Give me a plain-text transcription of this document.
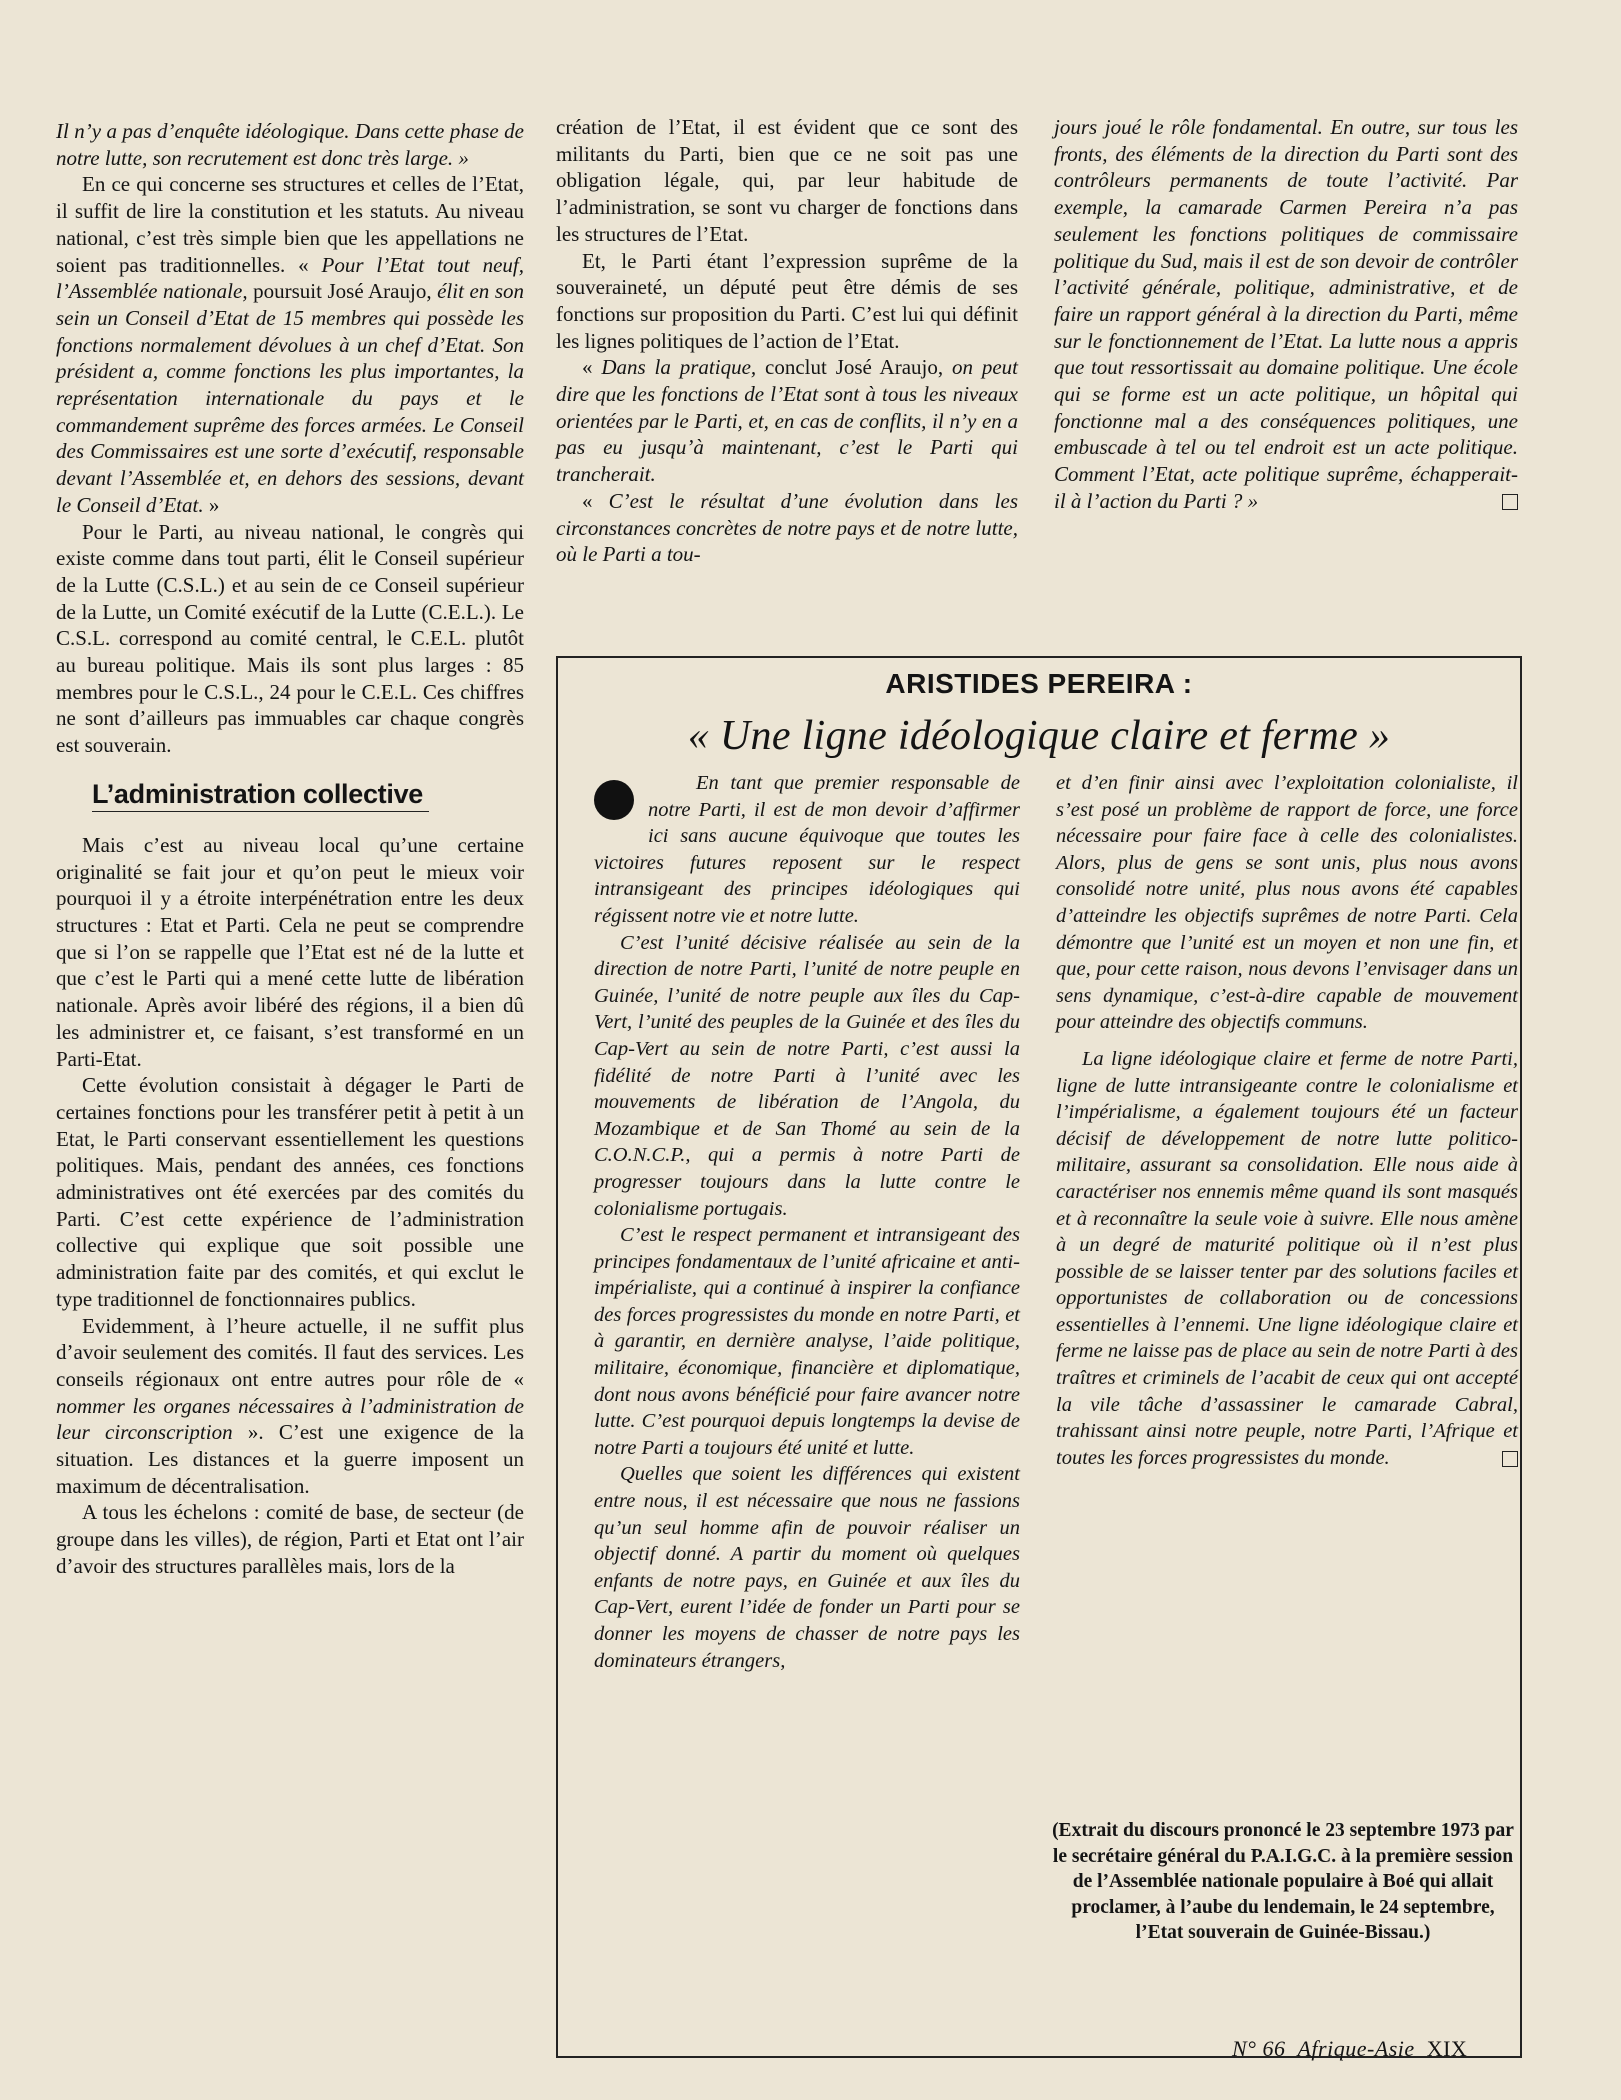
Il n’y a pas d’enquête idéologique. Dans cette phase de notre lutte, son recrutement est donc très large. »

En ce qui concerne ses structures et celles de l’Etat, il suffit de lire la constitution et les statuts. Au niveau national, c’est très simple bien que les appellations ne soient pas traditionnelles. « Pour l’Etat tout neuf, l’Assemblée nationale, poursuit José Araujo, élit en son sein un Conseil d’Etat de 15 membres qui possède les fonctions normalement dévolues à un chef d’Etat. Son président a, comme fonctions les plus importantes, la représentation internationale du pays et le commandement suprême des forces armées. Le Conseil des Commissaires est une sorte d’exécutif, responsable devant l’Assemblée et, en dehors des sessions, devant le Conseil d’Etat. »

Pour le Parti, au niveau national, le congrès qui existe comme dans tout parti, élit le Conseil supérieur de la Lutte (C.S.L.) et au sein de ce Conseil supérieur de la Lutte, un Comité exécutif de la Lutte (C.E.L.). Le C.S.L. correspond au comité central, le C.E.L. plutôt au bureau politique. Mais ils sont plus larges : 85 membres pour le C.S.L., 24 pour le C.E.L. Ces chiffres ne sont d’ailleurs pas immuables car chaque congrès est souverain.

L’administration collective

Mais c’est au niveau local qu’une certaine originalité se fait jour et qu’on peut le mieux voir pourquoi il y a étroite interpénétration entre les deux structures : Etat et Parti. Cela ne peut se comprendre que si l’on se rappelle que l’Etat est né de la lutte et que c’est le Parti qui a mené cette lutte de libération nationale. Après avoir libéré des régions, il a bien dû les administrer et, ce faisant, s’est transformé en un Parti-Etat.

Cette évolution consistait à dégager le Parti de certaines fonctions pour les transférer petit à petit à un Etat, le Parti conservant essentiellement les questions politiques. Mais, pendant des années, ces fonctions administratives ont été exercées par des comités du Parti. C’est cette expérience de l’administration collective qui explique que soit possible une administration faite par des comités, et qui exclut le type traditionnel de fonctionnaires publics.

Evidemment, à l’heure actuelle, il ne suffit plus d’avoir seulement des comités. Il faut des services. Les conseils régionaux ont entre autres pour rôle de « nommer les organes nécessaires à l’administration de leur circonscription ». C’est une exigence de la situation. Les distances et la guerre imposent un maximum de décentralisation.

A tous les échelons : comité de base, de secteur (de groupe dans les villes), de région, Parti et Etat ont l’air d’avoir des structures parallèles mais, lors de la

création de l’Etat, il est évident que ce sont des militants du Parti, bien que ce ne soit pas une obligation légale, qui, par leur habitude de l’administration, se sont vu charger de fonctions dans les structures de l’Etat.

Et, le Parti étant l’expression suprême de la souveraineté, un député peut être démis de ses fonctions sur proposition du Parti. C’est lui qui définit les lignes politiques de l’action de l’Etat.

« Dans la pratique, conclut José Araujo, on peut dire que les fonctions de l’Etat sont à tous les niveaux orientées par le Parti, et, en cas de conflits, il n’y en a pas eu jusqu’à maintenant, c’est le Parti qui trancherait.

« C’est le résultat d’une évolution dans les circonstances concrètes de notre pays et de notre lutte, où le Parti a tou-

jours joué le rôle fondamental. En outre, sur tous les fronts, des éléments de la direction du Parti sont des contrôleurs permanents de toute l’activité. Par exemple, la camarade Carmen Pereira n’a pas seulement les fonctions politiques de commissaire politique du Sud, mais il est de son devoir de contrôler l’activité générale, politique, administrative, et de faire un rapport général à la direction du Parti, même sur le fonctionnement de l’Etat. La lutte nous a appris que tout ressortissait au domaine politique. Une école qui se forme est un acte politique, un hôpital qui fonctionne mal a des conséquences politiques, une embuscade à tel ou tel endroit est un acte politique. Comment l’Etat, acte politique suprême, échapperait-il à l’action du Parti ? »

ARISTIDES PEREIRA :
« Une ligne idéologique claire et ferme »

En tant que premier responsable de notre Parti, il est de mon devoir d’affirmer ici sans aucune équivoque que toutes les victoires futures reposent sur le respect intransigeant des principes idéologiques qui régissent notre vie et notre lutte.

C’est l’unité décisive réalisée au sein de la direction de notre Parti, l’unité de notre peuple en Guinée, l’unité de notre peuple aux îles du Cap-Vert, l’unité des peuples de la Guinée et des îles du Cap-Vert au sein de notre Parti, c’est aussi la fidélité de notre Parti à l’unité avec les mouvements de libération de l’Angola, du Mozambique et de San Thomé au sein de la C.O.N.C.P., qui a permis à notre Parti de progresser toujours dans la lutte contre le colonialisme portugais.

C’est le respect permanent et intransigeant des principes fondamentaux de l’unité africaine et anti-impérialiste, qui a continué à inspirer la confiance des forces progressistes du monde en notre Parti, et à garantir, en dernière analyse, l’aide politique, militaire, économique, financière et diplomatique, dont nous avons bénéficié pour faire avancer notre lutte. C’est pourquoi depuis longtemps la devise de notre Parti a toujours été unité et lutte.

Quelles que soient les différences qui existent entre nous, il est nécessaire que nous ne fassions qu’un seul homme afin de pouvoir réaliser un objectif donné. A partir du moment où quelques enfants de notre pays, en Guinée et aux îles du Cap-Vert, eurent l’idée de fonder un Parti pour se donner les moyens de chasser de notre pays les dominateurs étrangers,

et d’en finir ainsi avec l’exploitation colonialiste, il s’est posé un problème de rapport de force, une force nécessaire pour faire face à celle des colonialistes. Alors, plus de gens se sont unis, plus nous avons consolidé notre unité, plus nous avons été capables d’atteindre les objectifs suprêmes de notre Parti. Cela démontre que l’unité est un moyen et non une fin, et que, pour cette raison, nous devons l’envisager dans un sens dynamique, c’est-à-dire capable de mouvement pour atteindre des objectifs communs.

La ligne idéologique claire et ferme de notre Parti, ligne de lutte intransigeante contre le colonialisme et l’impérialisme, a également toujours été un facteur décisif de développement de notre lutte politico-militaire, assurant sa consolidation. Elle nous aide à caractériser nos ennemis même quand ils sont masqués et à reconnaître la seule voie à suivre. Elle nous amène à un degré de maturité politique où il n’est plus possible de se laisser tenter par des solutions faciles et opportunistes de collaboration ou de concessions essentielles à l’ennemi. Une ligne idéologique claire et ferme ne laisse pas de place au sein de notre Parti à des traîtres et criminels de l’acabit de ceux qui ont accepté la vile tâche d’assassiner le camarade Cabral, trahissant ainsi notre peuple, notre Parti, l’Afrique et toutes les forces progressistes du monde.

(Extrait du discours prononcé le 23 septembre 1973 par le secrétaire général du P.A.I.G.C. à la première session de l’Assemblée nationale populaire à Boé qui allait proclamer, à l’aube du lendemain, le 24 septembre, l’Etat souverain de Guinée-Bissau.)
N° 66 Afrique-Asie XIX
